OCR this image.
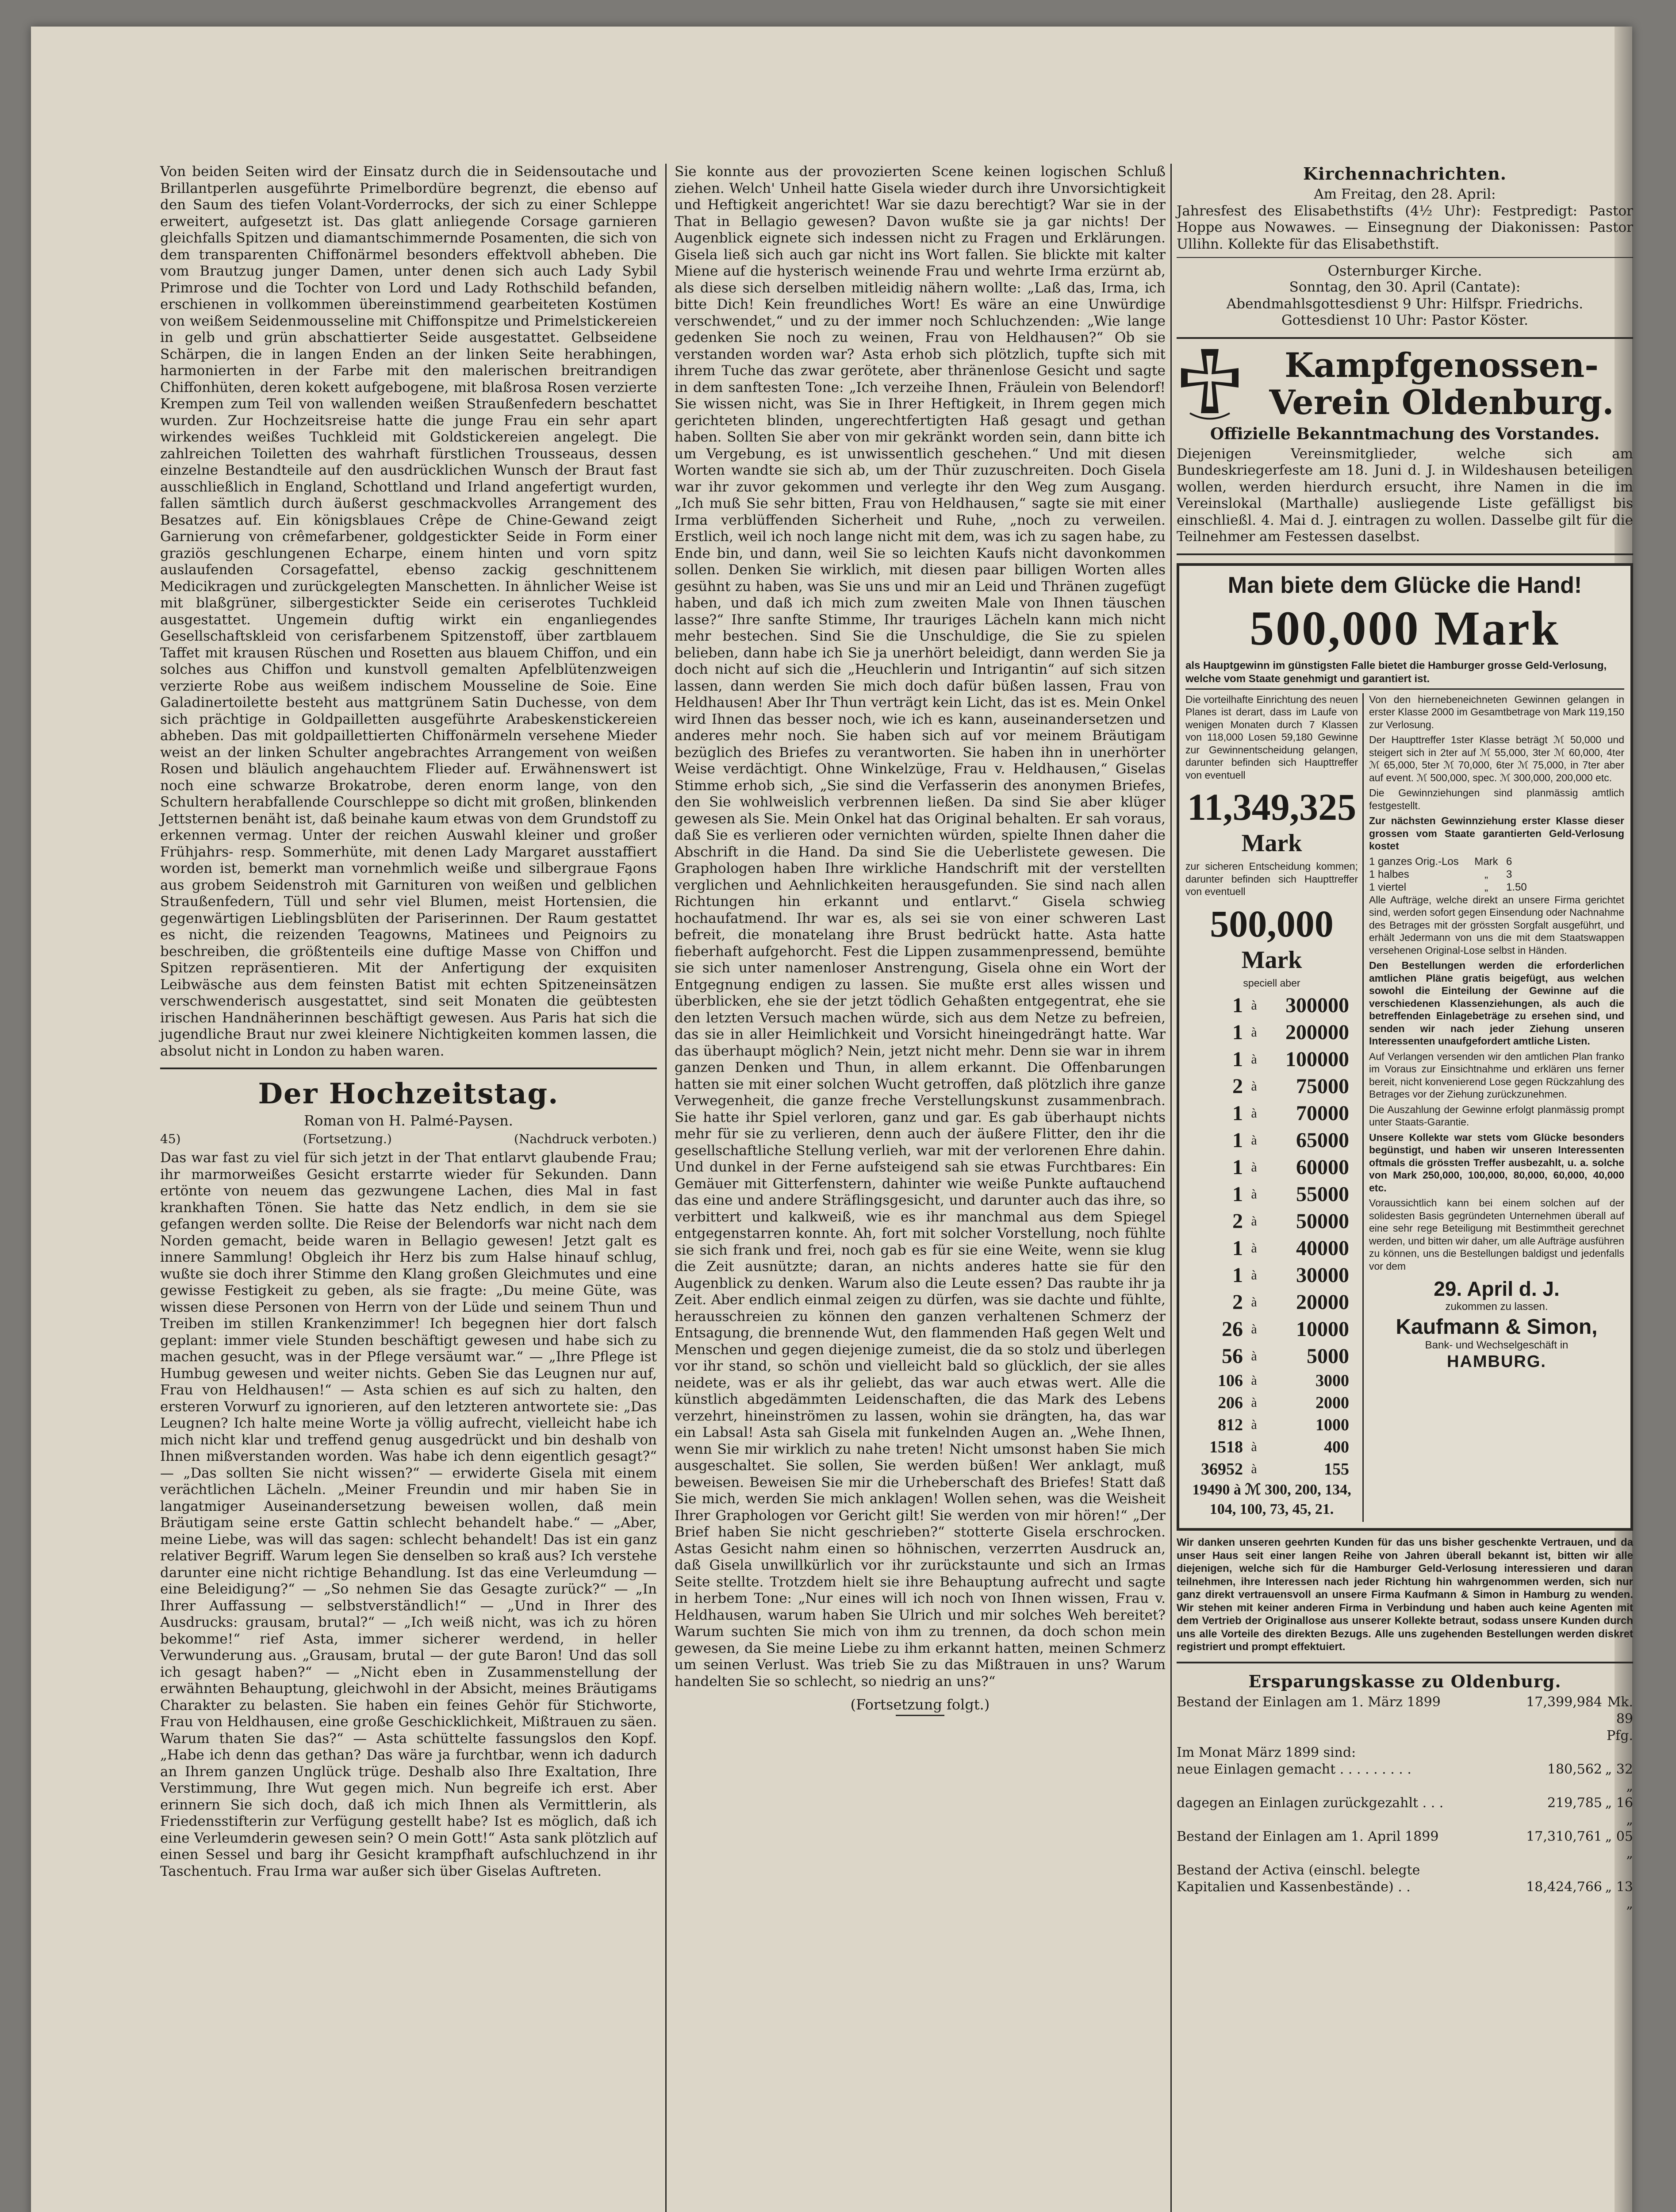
Von beiden Seiten wird der Einsatz durch die in Seidensoutache und Brillantperlen ausgeführte Primelbordüre begrenzt, die ebenso auf den Saum des tiefen Volant-Vorderrocks, der sich zu einer Schleppe erweitert, aufgesetzt ist. Das glatt anliegende Corsage garnieren gleichfalls Spitzen und diamantschimmernde Posamenten, die sich von dem transparenten Chiffonärmel besonders effektvoll abheben. Die vom Brautzug junger Damen, unter denen sich auch Lady Sybil Primrose und die Tochter von Lord und Lady Rothschild befanden, erschienen in vollkommen übereinstimmend gearbeiteten Kostümen von weißem Seidenmousseline mit Chiffonspitze und Primelstickereien in gelb und grün abschattierter Seide ausgestattet. Gelbseidene Schärpen, die in langen Enden an der linken Seite herabhingen, harmonierten in der Farbe mit den malerischen breitrandigen Chiffonhüten, deren kokett aufgebogene, mit blaßrosa Rosen verzierte Krempen zum Teil von wallenden weißen Straußenfedern beschattet wurden. Zur Hochzeitsreise hatte die junge Frau ein sehr apart wirkendes weißes Tuchkleid mit Goldstickereien angelegt. Die zahlreichen Toiletten des wahrhaft fürstlichen Trousseaus, dessen einzelne Bestandteile auf den ausdrücklichen Wunsch der Braut fast ausschließlich in England, Schottland und Irland angefertigt wurden, fallen sämtlich durch äußerst geschmackvolles Arrangement des Besatzes auf. Ein königsblaues Crêpe de Chine-Gewand zeigt Garnierung von crêmefarbener, goldgestickter Seide in Form einer graziös geschlungenen Echarpe, einem hinten und vorn spitz auslaufenden Corsagefattel, ebenso zackig geschnittenem Medicikragen und zurückgelegten Manschetten. In ähnlicher Weise ist mit blaßgrüner, silbergestickter Seide ein ceriserotes Tuchkleid ausgestattet. Ungemein duftig wirkt ein enganliegendes Gesellschaftskleid von cerisfarbenem Spitzenstoff, über zartblauem Taffet mit krausen Rüschen und Rosetten aus blauem Chiffon, und ein solches aus Chiffon und kunstvoll gemalten Apfelblütenzweigen verzierte Robe aus weißem indischem Mousseline de Soie. Eine Galadinertoilette besteht aus mattgrünem Satin Duchesse, von dem sich prächtige in Goldpailletten ausgeführte Arabeskenstickereien abheben. Das mit goldpaillettierten Chiffonärmeln versehene Mieder weist an der linken Schulter angebrachtes Arrangement von weißen Rosen und bläulich angehauchtem Flieder auf. Erwähnenswert ist noch eine schwarze Brokatrobe, deren enorm lange, von den Schultern herabfallende Courschleppe so dicht mit großen, blinkenden Jettsternen benäht ist, daß beinahe kaum etwas von dem Grundstoff zu erkennen vermag. Unter der reichen Auswahl kleiner und großer Frühjahrs- resp. Sommerhüte, mit denen Lady Margaret ausstaffiert worden ist, bemerkt man vornehmlich weiße und silbergraue Fa̧ons aus grobem Seidenstroh mit Garnituren von weißen und gelblichen Straußenfedern, Tüll und sehr viel Blumen, meist Hortensien, die gegenwärtigen Lieblingsblüten der Pariserinnen. Der Raum gestattet es nicht, die reizenden Teagowns, Matinees und Peignoirs zu beschreiben, die größtenteils eine duftige Masse von Chiffon und Spitzen repräsentieren. Mit der Anfertigung der exquisiten Leibwäsche aus dem feinsten Batist mit echten Spitzeneinsätzen verschwenderisch ausgestattet, sind seit Monaten die geübtesten irischen Handnäherinnen beschäftigt gewesen. Aus Paris hat sich die jugendliche Braut nur zwei kleinere Nichtigkeiten kommen lassen, die absolut nicht in London zu haben waren.

Der Hochzeitstag.

Roman von H. Palmé-Paysen.

45)	(Fortsetzung.)	(Nachdruck verboten.)

Das war fast zu viel für sich jetzt in der That entlarvt glaubende Frau; ihr marmorweißes Gesicht erstarrte wieder für Sekunden. Dann ertönte von neuem das gezwungene Lachen, dies Mal in fast krankhaften Tönen. Sie hatte das Netz endlich, in dem sie sie gefangen werden sollte. Die Reise der Belendorfs war nicht nach dem Norden gemacht, beide waren in Bellagio gewesen! Jetzt galt es innere Sammlung! Obgleich ihr Herz bis zum Halse hinauf schlug, wußte sie doch ihrer Stimme den Klang großen Gleichmutes und eine gewisse Festigkeit zu geben, als sie fragte: „Du meine Güte, was wissen diese Personen von Herrn von der Lüde und seinem Thun und Treiben im stillen Krankenzimmer! Ich begegnen hier dort falsch geplant: immer viele Stunden beschäftigt gewesen und habe sich zu machen gesucht, was in der Pflege versäumt war.“ — „Ihre Pflege ist Humbug gewesen und weiter nichts. Geben Sie das Leugnen nur auf, Frau von Heldhausen!“ — Asta schien es auf sich zu halten, den ersteren Vorwurf zu ignorieren, auf den letzteren antwortete sie: „Das Leugnen? Ich halte meine Worte ja völlig aufrecht, vielleicht habe ich mich nicht klar und treffend genug ausgedrückt und bin deshalb von Ihnen mißverstanden worden. Was habe ich denn eigentlich gesagt?“ — „Das sollten Sie nicht wissen?“ — erwiderte Gisela mit einem verächtlichen Lächeln. „Meiner Freundin und mir haben Sie in langatmiger Auseinandersetzung beweisen wollen, daß mein Bräutigam seine erste Gattin schlecht behandelt habe.“ — „Aber, meine Liebe, was will das sagen: schlecht behandelt! Das ist ein ganz relativer Begriff. Warum legen Sie denselben so kraß aus? Ich verstehe darunter eine nicht richtige Behandlung. Ist das eine Verleumdung — eine Beleidigung?“ — „So nehmen Sie das Gesagte zurück?“ — „In Ihrer Auffassung — selbstverständlich!“ — „Und in Ihrer des Ausdrucks: grausam, brutal?“ — „Ich weiß nicht, was ich zu hören bekomme!“ rief Asta, immer sicherer werdend, in heller Verwunderung aus. „Grausam, brutal — der gute Baron! Und das soll ich gesagt haben?“ — „Nicht eben in Zusammenstellung der erwähnten Behauptung, gleichwohl in der Absicht, meines Bräutigams Charakter zu belasten. Sie haben ein feines Gehör für Stichworte, Frau von Heldhausen, eine große Geschicklichkeit, Mißtrauen zu säen. Warum thaten Sie das?“ — Asta schüttelte fassungslos den Kopf. „Habe ich denn das gethan? Das wäre ja furchtbar, wenn ich dadurch an Ihrem ganzen Unglück trüge. Deshalb also Ihre Exaltation, Ihre Verstimmung, Ihre Wut gegen mich. Nun begreife ich erst. Aber erinnern Sie sich doch, daß ich mich Ihnen als Vermittlerin, als Friedensstifterin zur Verfügung gestellt habe? Ist es möglich, daß ich eine Verleumderin gewesen sein? O mein Gott!“ Asta sank plötzlich auf einen Sessel und barg ihr Gesicht krampfhaft aufschluchzend in ihr Taschentuch. Frau Irma war außer sich über Giselas Auftreten.

Sie konnte aus der provozierten Scene keinen logischen Schluß ziehen. Welch' Unheil hatte Gisela wieder durch ihre Unvorsichtigkeit und Heftigkeit angerichtet! War sie dazu berechtigt? War sie in der That in Bellagio gewesen? Davon wußte sie ja gar nichts! Der Augenblick eignete sich indessen nicht zu Fragen und Erklärungen. Gisela ließ sich auch gar nicht ins Wort fallen. Sie blickte mit kalter Miene auf die hysterisch weinende Frau und wehrte Irma erzürnt ab, als diese sich derselben mitleidig nähern wollte: „Laß das, Irma, ich bitte Dich! Kein freundliches Wort! Es wäre an eine Unwürdige verschwendet,“ und zu der immer noch Schluchzenden: „Wie lange gedenken Sie noch zu weinen, Frau von Heldhausen?“ Ob sie verstanden worden war? Asta erhob sich plötzlich, tupfte sich mit ihrem Tuche das zwar gerötete, aber thränenlose Gesicht und sagte in dem sanftesten Tone: „Ich verzeihe Ihnen, Fräulein von Belendorf! Sie wissen nicht, was Sie in Ihrer Heftigkeit, in Ihrem gegen mich gerichteten blinden, ungerechtfertigten Haß gesagt und gethan haben. Sollten Sie aber von mir gekränkt worden sein, dann bitte ich um Vergebung, es ist unwissentlich geschehen.“ Und mit diesen Worten wandte sie sich ab, um der Thür zuzuschreiten. Doch Gisela war ihr zuvor gekommen und verlegte ihr den Weg zum Ausgang. „Ich muß Sie sehr bitten, Frau von Heldhausen,“ sagte sie mit einer Irma verblüffenden Sicherheit und Ruhe, „noch zu verweilen. Erstlich, weil ich noch lange nicht mit dem, was ich zu sagen habe, zu Ende bin, und dann, weil Sie so leichten Kaufs nicht davonkommen sollen. Denken Sie wirklich, mit diesen paar billigen Worten alles gesühnt zu haben, was Sie uns und mir an Leid und Thränen zugefügt haben, und daß ich mich zum zweiten Male von Ihnen täuschen lasse?“ Ihre sanfte Stimme, Ihr trauriges Lächeln kann mich nicht mehr bestechen. Sind Sie die Unschuldige, die Sie zu spielen belieben, dann habe ich Sie ja unerhört beleidigt, dann werden Sie ja doch nicht auf sich die „Heuchlerin und Intrigantin“ auf sich sitzen lassen, dann werden Sie mich doch dafür büßen lassen, Frau von Heldhausen! Aber Ihr Thun verträgt kein Licht, das ist es. Mein Onkel wird Ihnen das besser noch, wie ich es kann, auseinandersetzen und anderes mehr noch. Sie haben sich auf vor meinem Bräutigam bezüglich des Briefes zu verantworten. Sie haben ihn in unerhörter Weise verdächtigt. Ohne Winkelzüge, Frau v. Heldhausen,“ Giselas Stimme erhob sich, „Sie sind die Verfasserin des anonymen Briefes, den Sie wohlweislich verbrennen ließen. Da sind Sie aber klüger gewesen als Sie. Mein Onkel hat das Original behalten. Er sah voraus, daß Sie es verlieren oder vernichten würden, spielte Ihnen daher die Abschrift in die Hand. Da sind Sie die Ueberlistete gewesen. Die Graphologen haben Ihre wirkliche Handschrift mit der verstellten verglichen und Aehnlichkeiten herausgefunden. Sie sind nach allen Richtungen hin erkannt und entlarvt.“ Gisela schwieg hochaufatmend. Ihr war es, als sei sie von einer schweren Last befreit, die monatelang ihre Brust bedrückt hatte. Asta hatte fieberhaft aufgehorcht. Fest die Lippen zusammenpressend, bemühte sie sich unter namenloser Anstrengung, Gisela ohne ein Wort der Entgegnung endigen zu lassen. Sie mußte erst alles wissen und überblicken, ehe sie der jetzt tödlich Gehaßten entgegentrat, ehe sie den letzten Versuch machen würde, sich aus dem Netze zu befreien, das sie in aller Heimlichkeit und Vorsicht hineingedrängt hatte. War das überhaupt möglich? Nein, jetzt nicht mehr. Denn sie war in ihrem ganzen Denken und Thun, in allem erkannt. Die Offenbarungen hatten sie mit einer solchen Wucht getroffen, daß plötzlich ihre ganze Verwegenheit, die ganze freche Verstellungskunst zusammenbrach. Sie hatte ihr Spiel verloren, ganz und gar. Es gab überhaupt nichts mehr für sie zu verlieren, denn auch der äußere Flitter, den ihr die gesellschaftliche Stellung verlieh, war mit der verlorenen Ehre dahin. Und dunkel in der Ferne aufsteigend sah sie etwas Furchtbares: Ein Gemäuer mit Gitterfenstern, dahinter wie weiße Punkte auftauchend das eine und andere Sträflingsgesicht, und darunter auch das ihre, so verbittert und kalkweiß, wie es ihr manchmal aus dem Spiegel entgegenstarren konnte. Ah, fort mit solcher Vorstellung, noch fühlte sie sich frank und frei, noch gab es für sie eine Weite, wenn sie klug die Zeit ausnützte; daran, an nichts anderes hatte sie für den Augenblick zu denken. Warum also die Leute essen? Das raubte ihr ja Zeit. Aber endlich einmal zeigen zu dürfen, was sie dachte und fühlte, herausschreien zu können den ganzen verhaltenen Schmerz der Entsagung, die brennende Wut, den flammenden Haß gegen Welt und Menschen und gegen diejenige zumeist, die da so stolz und überlegen vor ihr stand, so schön und vielleicht bald so glücklich, der sie alles neidete, was er als ihr geliebt, das war auch etwas wert. Alle die künstlich abgedämmten Leidenschaften, die das Mark des Lebens verzehrt, hineinströmen zu lassen, wohin sie drängten, ha, das war ein Labsal! Asta sah Gisela mit funkelnden Augen an. „Wehe Ihnen, wenn Sie mir wirklich zu nahe treten! Nicht umsonst haben Sie mich ausgeschaltet. Sie sollen, Sie werden büßen! Wer anklagt, muß beweisen. Beweisen Sie mir die Urheberschaft des Briefes! Statt daß Sie mich, werden Sie mich anklagen! Wollen sehen, was die Weisheit Ihrer Graphologen vor Gericht gilt! Sie werden von mir hören!“ „Der Brief haben Sie nicht geschrieben?“ stotterte Gisela erschrocken. Astas Gesicht nahm einen so höhnischen, verzerrten Ausdruck an, daß Gisela unwillkürlich vor ihr zurückstaunte und sich an Irmas Seite stellte. Trotzdem hielt sie ihre Behauptung aufrecht und sagte in herbem Tone: „Nur eines will ich noch von Ihnen wissen, Frau v. Heldhausen, warum haben Sie Ulrich und mir solches Weh bereitet? Warum suchten Sie mich von ihm zu trennen, da doch schon mein gewesen, da Sie meine Liebe zu ihm erkannt hatten, meinen Schmerz um seinen Verlust. Was trieb Sie zu das Mißtrauen in uns? Warum handelten Sie so schlecht, so niedrig an uns?“

(Fortsetzung folgt.)

Kirchennachrichten.

Am Freitag, den 28. April:

Jahresfest des Elisabethstifts (4½ Uhr): Festpredigt: Pastor Hoppe aus Nowawes. — Einsegnung der Diakonissen: Pastor Ullihn. Kollekte für das Elisabethstift.

Osternburger Kirche.

Sonntag, den 30. April (Cantate):

Abendmahlsgottesdienst 9 Uhr: Hilfspr. Friedrichs.

Gottesdienst 10 Uhr: Pastor Köster.

Kampfgenossen-Verein Oldenburg.

Offizielle Bekanntmachung des Vorstandes.

Diejenigen Vereinsmitglieder, welche sich am Bundeskriegerfeste am 18. Juni d. J. in Wildeshausen beteiligen wollen, werden hierdurch ersucht, ihre Namen in die im Vereinslokal (Marthalle) ausliegende Liste gefälligst bis einschließl. 4. Mai d. J. eintragen zu wollen. Dasselbe gilt für die Teilnehmer am Festessen daselbst.

Man biete dem Glücke die Hand!

500,000 Mark

als Hauptgewinn im günstigsten Falle bietet die Hamburger grosse Geld-Verlosung, welche vom Staate genehmigt und garantiert ist.

Die vorteilhafte Einrichtung des neuen Planes ist derart, dass im Laufe von wenigen Monaten durch 7 Klassen von 118,000 Losen 59,180 Gewinne zur Gewinnentscheidung gelangen, darunter befinden sich Haupttreffer von eventuell

11,349,325

Mark

zur sicheren Entscheidung kommen; darunter befinden sich Haupttreffer von eventuell

500,000

Mark

speciell aber

1 à	300000
1 à	200000
1 à	100000
2 à	75000
1 à	70000
1 à	65000
1 à	60000
1 à	55000
2 à	50000
1 à	40000
1 à	30000
2 à	20000
26 à	10000
56 à	5000
106 à	3000
206 à	2000
812 à	1000
1518 à	400
36952 à	155

19490 à ℳ 300, 200, 134, 104, 100, 73, 45, 21.

Von den hiernebeneichneten Gewinnen gelangen in erster Klasse 2000 im Gesamtbetrage von Mark 119,150 zur Verlosung.

Der Haupttreffer 1ster Klasse beträgt ℳ 50,000 und steigert sich in 2ter auf ℳ 55,000, 3ter ℳ 60,000, 4ter ℳ 65,000, 5ter ℳ 70,000, 6ter ℳ 75,000, in 7ter aber auf event. ℳ 500,000, spec. ℳ 300,000, 200,000 etc.

Die Gewinnziehungen sind planmässig amtlich festgestellt.

Zur nächsten Gewinnziehung erster Klasse dieser grossen vom Staate garantierten Geld-Verlosung kostet

1 ganzes Orig.-Los	Mark 6
1 halbes	„	3
1 viertel	„	1.50

Alle Aufträge, welche direkt an unsere Firma gerichtet sind, werden sofort gegen Einsendung oder Nachnahme des Betrages mit der grössten Sorgfalt ausgeführt, und erhält Jedermann von uns die mit dem Staatswappen versehenen Original-Lose selbst in Händen.

Den Bestellungen werden die erforderlichen amtlichen Pläne gratis beigefügt, aus welchen sowohl die Einteilung der Gewinne auf die verschiedenen Klassenziehungen, als auch die betreffenden Einlagebeträge zu ersehen sind, und senden wir nach jeder Ziehung unseren Interessenten unaufgefordert amtliche Listen.

Auf Verlangen versenden wir den amtlichen Plan franko im Voraus zur Einsichtnahme und erklären uns ferner bereit, nicht konvenierend Lose gegen Rückzahlung des Betrages vor der Ziehung zurückzunehmen.

Die Auszahlung der Gewinne erfolgt planmässig prompt unter Staats-Garantie.

Unsere Kollekte war stets vom Glücke besonders begünstigt, und haben wir unseren Interessenten oftmals die grössten Treffer ausbezahlt, u. a. solche von Mark 250,000, 100,000, 80,000, 60,000, 40,000 etc.

Voraussichtlich kann bei einem solchen auf der solidesten Basis gegründeten Unternehmen überall auf eine sehr rege Beteiligung mit Bestimmtheit gerechnet werden, und bitten wir daher, um alle Aufträge ausführen zu können, uns die Bestellungen baldigst und jedenfalls vor dem

29. April d. J.

zukommen zu lassen.

Kaufmann & Simon,

Bank- und Wechselgeschäft in

HAMBURG.

Wir danken unseren geehrten Kunden für das uns bisher geschenkte Vertrauen, und da unser Haus seit einer langen Reihe von Jahren überall bekannt ist, bitten wir alle diejenigen, welche sich für die Hamburger Geld-Verlosung interessieren und daran teilnehmen, ihre Interessen nach jeder Richtung hin wahrgenommen werden, sich nur ganz direkt vertrauensvoll an unsere Firma Kaufmann & Simon in Hamburg zu wenden. Wir stehen mit keiner anderen Firma in Verbindung und haben auch keine Agenten mit dem Vertrieb der Originallose aus unserer Kollekte betraut, sodass unsere Kunden durch uns alle Vorteile des direkten Bezugs. Alle uns zugehenden Bestellungen werden diskret registriert und prompt effektuiert.

Ersparungskasse zu Oldenburg.

Bestand der Einlagen am 1. März 1899	17,399,984 Mk. 89 Pfg.
Im Monat März 1899 sind:
neue Einlagen gemacht . . . . . . . . .	180,562 „ 32 „
dagegen an Einlagen zurückgezahlt . . .	219,785 „ 16 „
Bestand der Einlagen am 1. April 1899	17,310,761 „ 05 „
Bestand der Activa (einschl. belegte
Kapitalien und Kassenbestände) . .	18,424,766 „ 13 „
